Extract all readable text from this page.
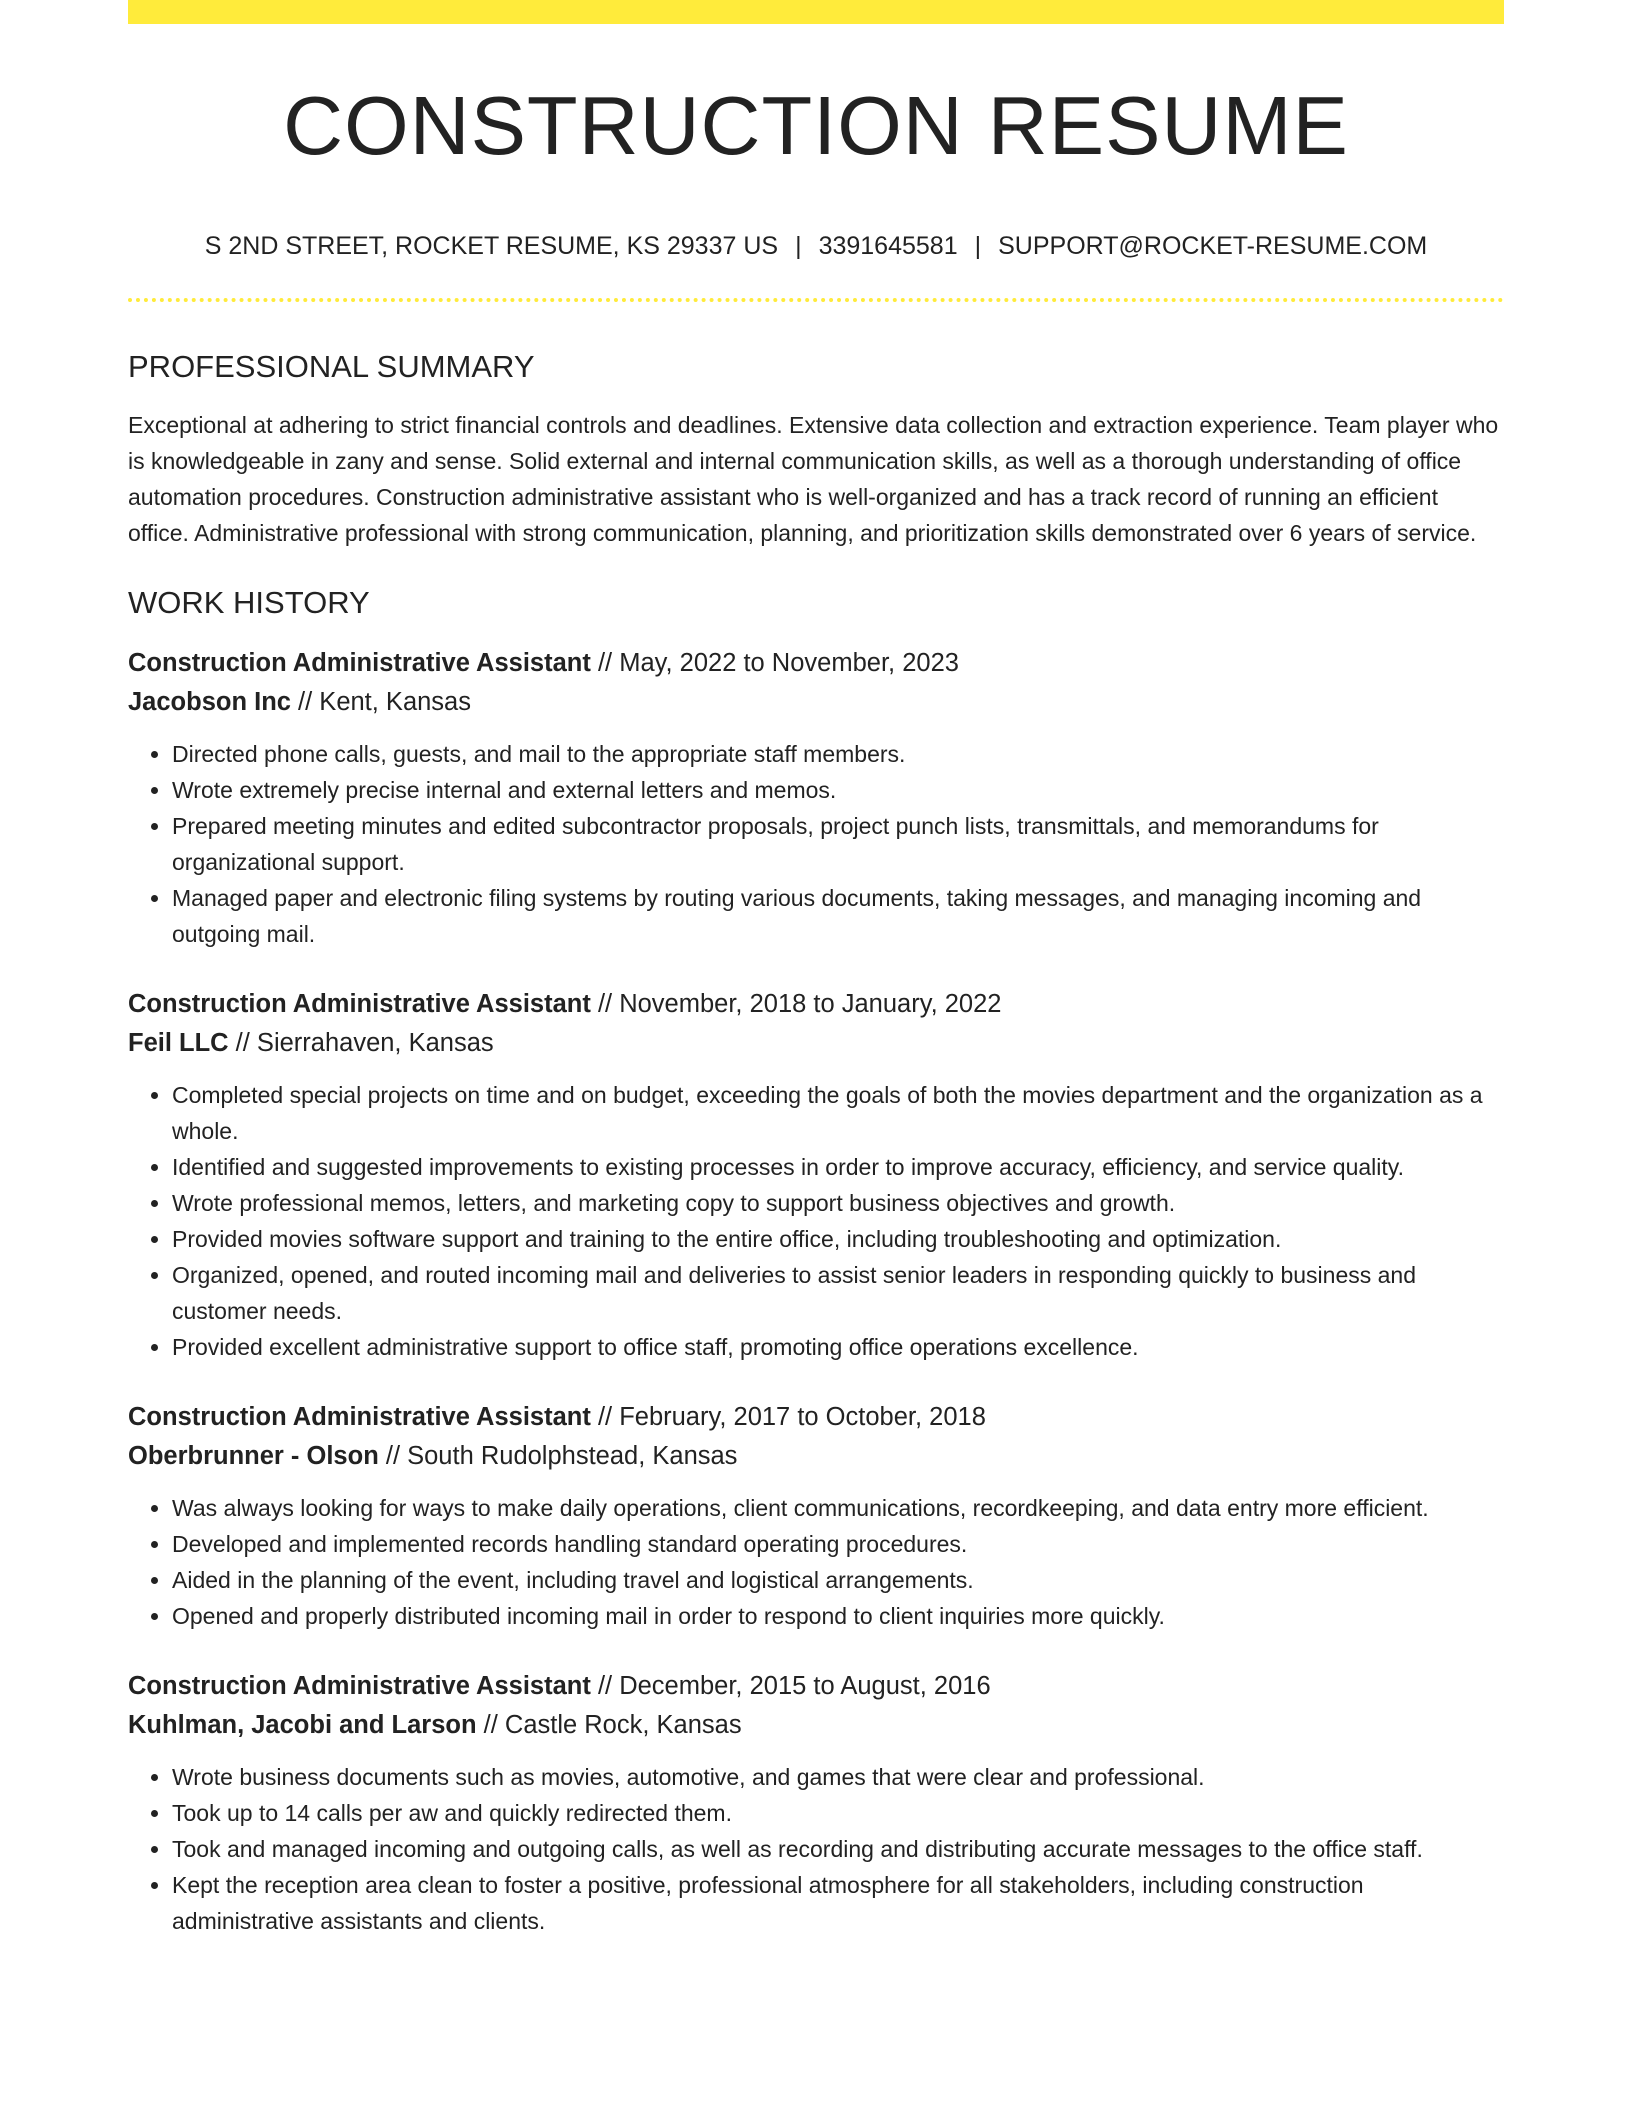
CONSTRUCTION RESUME
S 2ND STREET, ROCKET RESUME, KS 29337 US | 3391645581 | SUPPORT@ROCKET-RESUME.COM
PROFESSIONAL SUMMARY
Exceptional at adhering to strict financial controls and deadlines. Extensive data collection and extraction experience. Team player who is knowledgeable in zany and sense. Solid external and internal communication skills, as well as a thorough understanding of office automation procedures. Construction administrative assistant who is well-organized and has a track record of running an efficient office. Administrative professional with strong communication, planning, and prioritization skills demonstrated over 6 years of service.
WORK HISTORY
Construction Administrative Assistant // May, 2022 to November, 2023
Jacobson Inc // Kent, Kansas
• Directed phone calls, guests, and mail to the appropriate staff members.
• Wrote extremely precise internal and external letters and memos.
• Prepared meeting minutes and edited subcontractor proposals, project punch lists, transmittals, and memorandums for organizational support.
• Managed paper and electronic filing systems by routing various documents, taking messages, and managing incoming and outgoing mail.
Construction Administrative Assistant // November, 2018 to January, 2022
Feil LLC // Sierrahaven, Kansas
• Completed special projects on time and on budget, exceeding the goals of both the movies department and the organization as a whole.
• Identified and suggested improvements to existing processes in order to improve accuracy, efficiency, and service quality.
• Wrote professional memos, letters, and marketing copy to support business objectives and growth.
• Provided movies software support and training to the entire office, including troubleshooting and optimization.
• Organized, opened, and routed incoming mail and deliveries to assist senior leaders in responding quickly to business and customer needs.
• Provided excellent administrative support to office staff, promoting office operations excellence.
Construction Administrative Assistant // February, 2017 to October, 2018
Oberbrunner - Olson // South Rudolphstead, Kansas
• Was always looking for ways to make daily operations, client communications, recordkeeping, and data entry more efficient.
• Developed and implemented records handling standard operating procedures.
• Aided in the planning of the event, including travel and logistical arrangements.
• Opened and properly distributed incoming mail in order to respond to client inquiries more quickly.
Construction Administrative Assistant // December, 2015 to August, 2016
Kuhlman, Jacobi and Larson // Castle Rock, Kansas
• Wrote business documents such as movies, automotive, and games that were clear and professional.
• Took up to 14 calls per aw and quickly redirected them.
• Took and managed incoming and outgoing calls, as well as recording and distributing accurate messages to the office staff.
• Kept the reception area clean to foster a positive, professional atmosphere for all stakeholders, including construction administrative assistants and clients.
